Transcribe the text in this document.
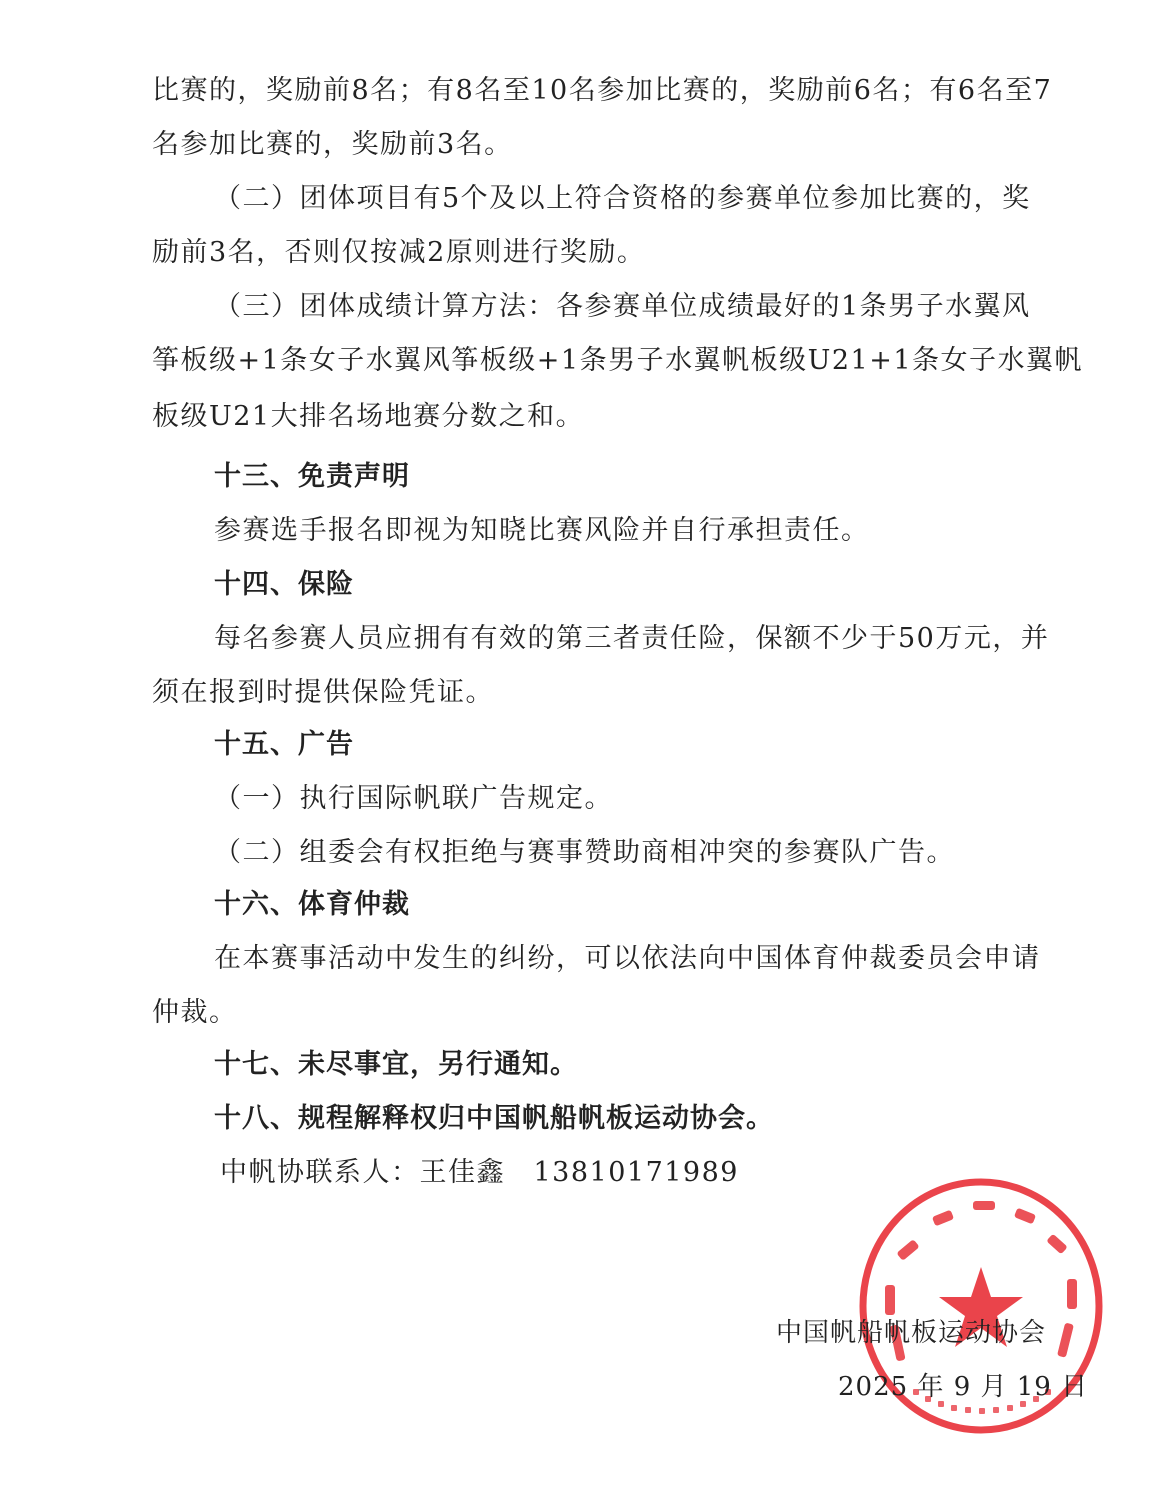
比赛的，奖励前8名；有8名至10名参加比赛的，奖励前6名；有6名至7
名参加比赛的，奖励前3名。
（二）团体项目有5个及以上符合资格的参赛单位参加比赛的，奖
励前3名，否则仅按减2原则进行奖励。
（三）团体成绩计算方法：各参赛单位成绩最好的1条男子水翼风
筝板级+1条女子水翼风筝板级+1条男子水翼帆板级U21+1条女子水翼帆
板级U21大排名场地赛分数之和。
十三、免责声明
参赛选手报名即视为知晓比赛风险并自行承担责任。
十四、保险
每名参赛人员应拥有有效的第三者责任险，保额不少于50万元，并
须在报到时提供保险凭证。
十五、广告
（一）执行国际帆联广告规定。
（二）组委会有权拒绝与赛事赞助商相冲突的参赛队广告。
十六、体育仲裁
在本赛事活动中发生的纠纷，可以依法向中国体育仲裁委员会申请
仲裁。
十七、未尽事宜，另行通知。
十八、规程解释权归中国帆船帆板运动协会。
中帆协联系人：王佳鑫　13810171989
中国帆船帆板运动协会
2025 年 9 月 19 日
